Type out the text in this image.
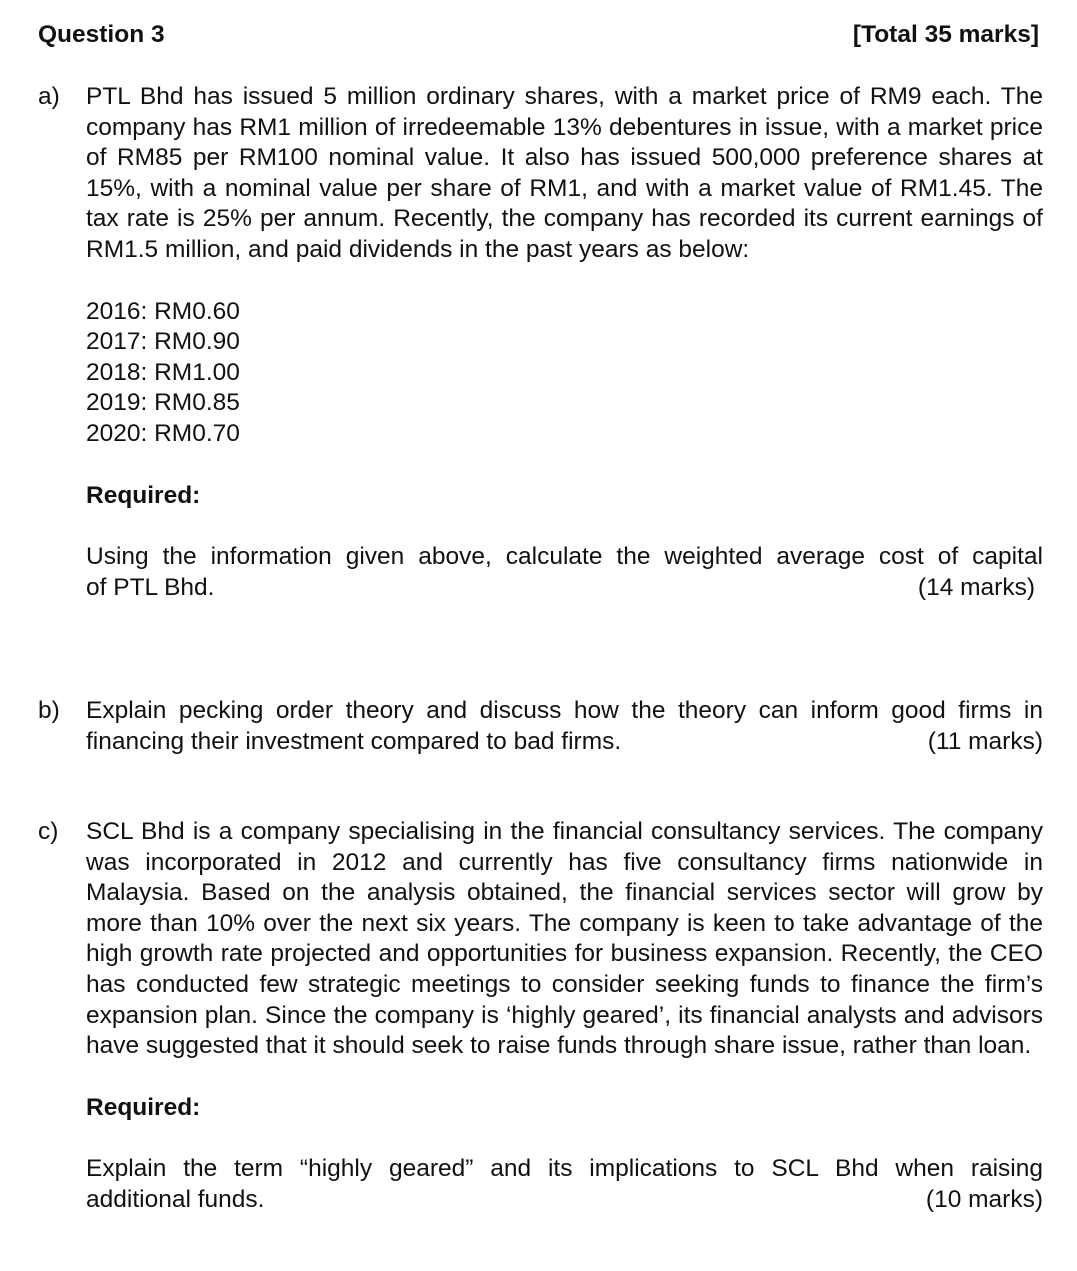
Question 3	[Total 35 marks]
a) PTL Bhd has issued 5 million ordinary shares, with a market price of RM9 each. The company has RM1 million of irredeemable 13% debentures in issue, with a market price of RM85 per RM100 nominal value. It also has issued 500,000 preference shares at 15%, with a nominal value per share of RM1, and with a market value of RM1.45. The tax rate is 25% per annum. Recently, the company has recorded its current earnings of RM1.5 million, and paid dividends in the past years as below:
2016: RM0.60
2017: RM0.90
2018: RM1.00
2019: RM0.85
2020: RM0.70
Required:
Using the information given above, calculate the weighted average cost of capital
of PTL Bhd.	(14 marks)
b) Explain pecking order theory and discuss how the theory can inform good firms in
financing their investment compared to bad firms.	(11 marks)
c) SCL Bhd is a company specialising in the financial consultancy services. The company was incorporated in 2012 and currently has five consultancy firms nationwide in Malaysia. Based on the analysis obtained, the financial services sector will grow by more than 10% over the next six years. The company is keen to take advantage of the high growth rate projected and opportunities for business expansion. Recently, the CEO has conducted few strategic meetings to consider seeking funds to finance the firm’s expansion plan. Since the company is ‘highly geared’, its financial analysts and advisors have suggested that it should seek to raise funds through share issue, rather than loan.
Required:
Explain the term “highly geared” and its implications to SCL Bhd when raising
additional funds.	(10 marks)
